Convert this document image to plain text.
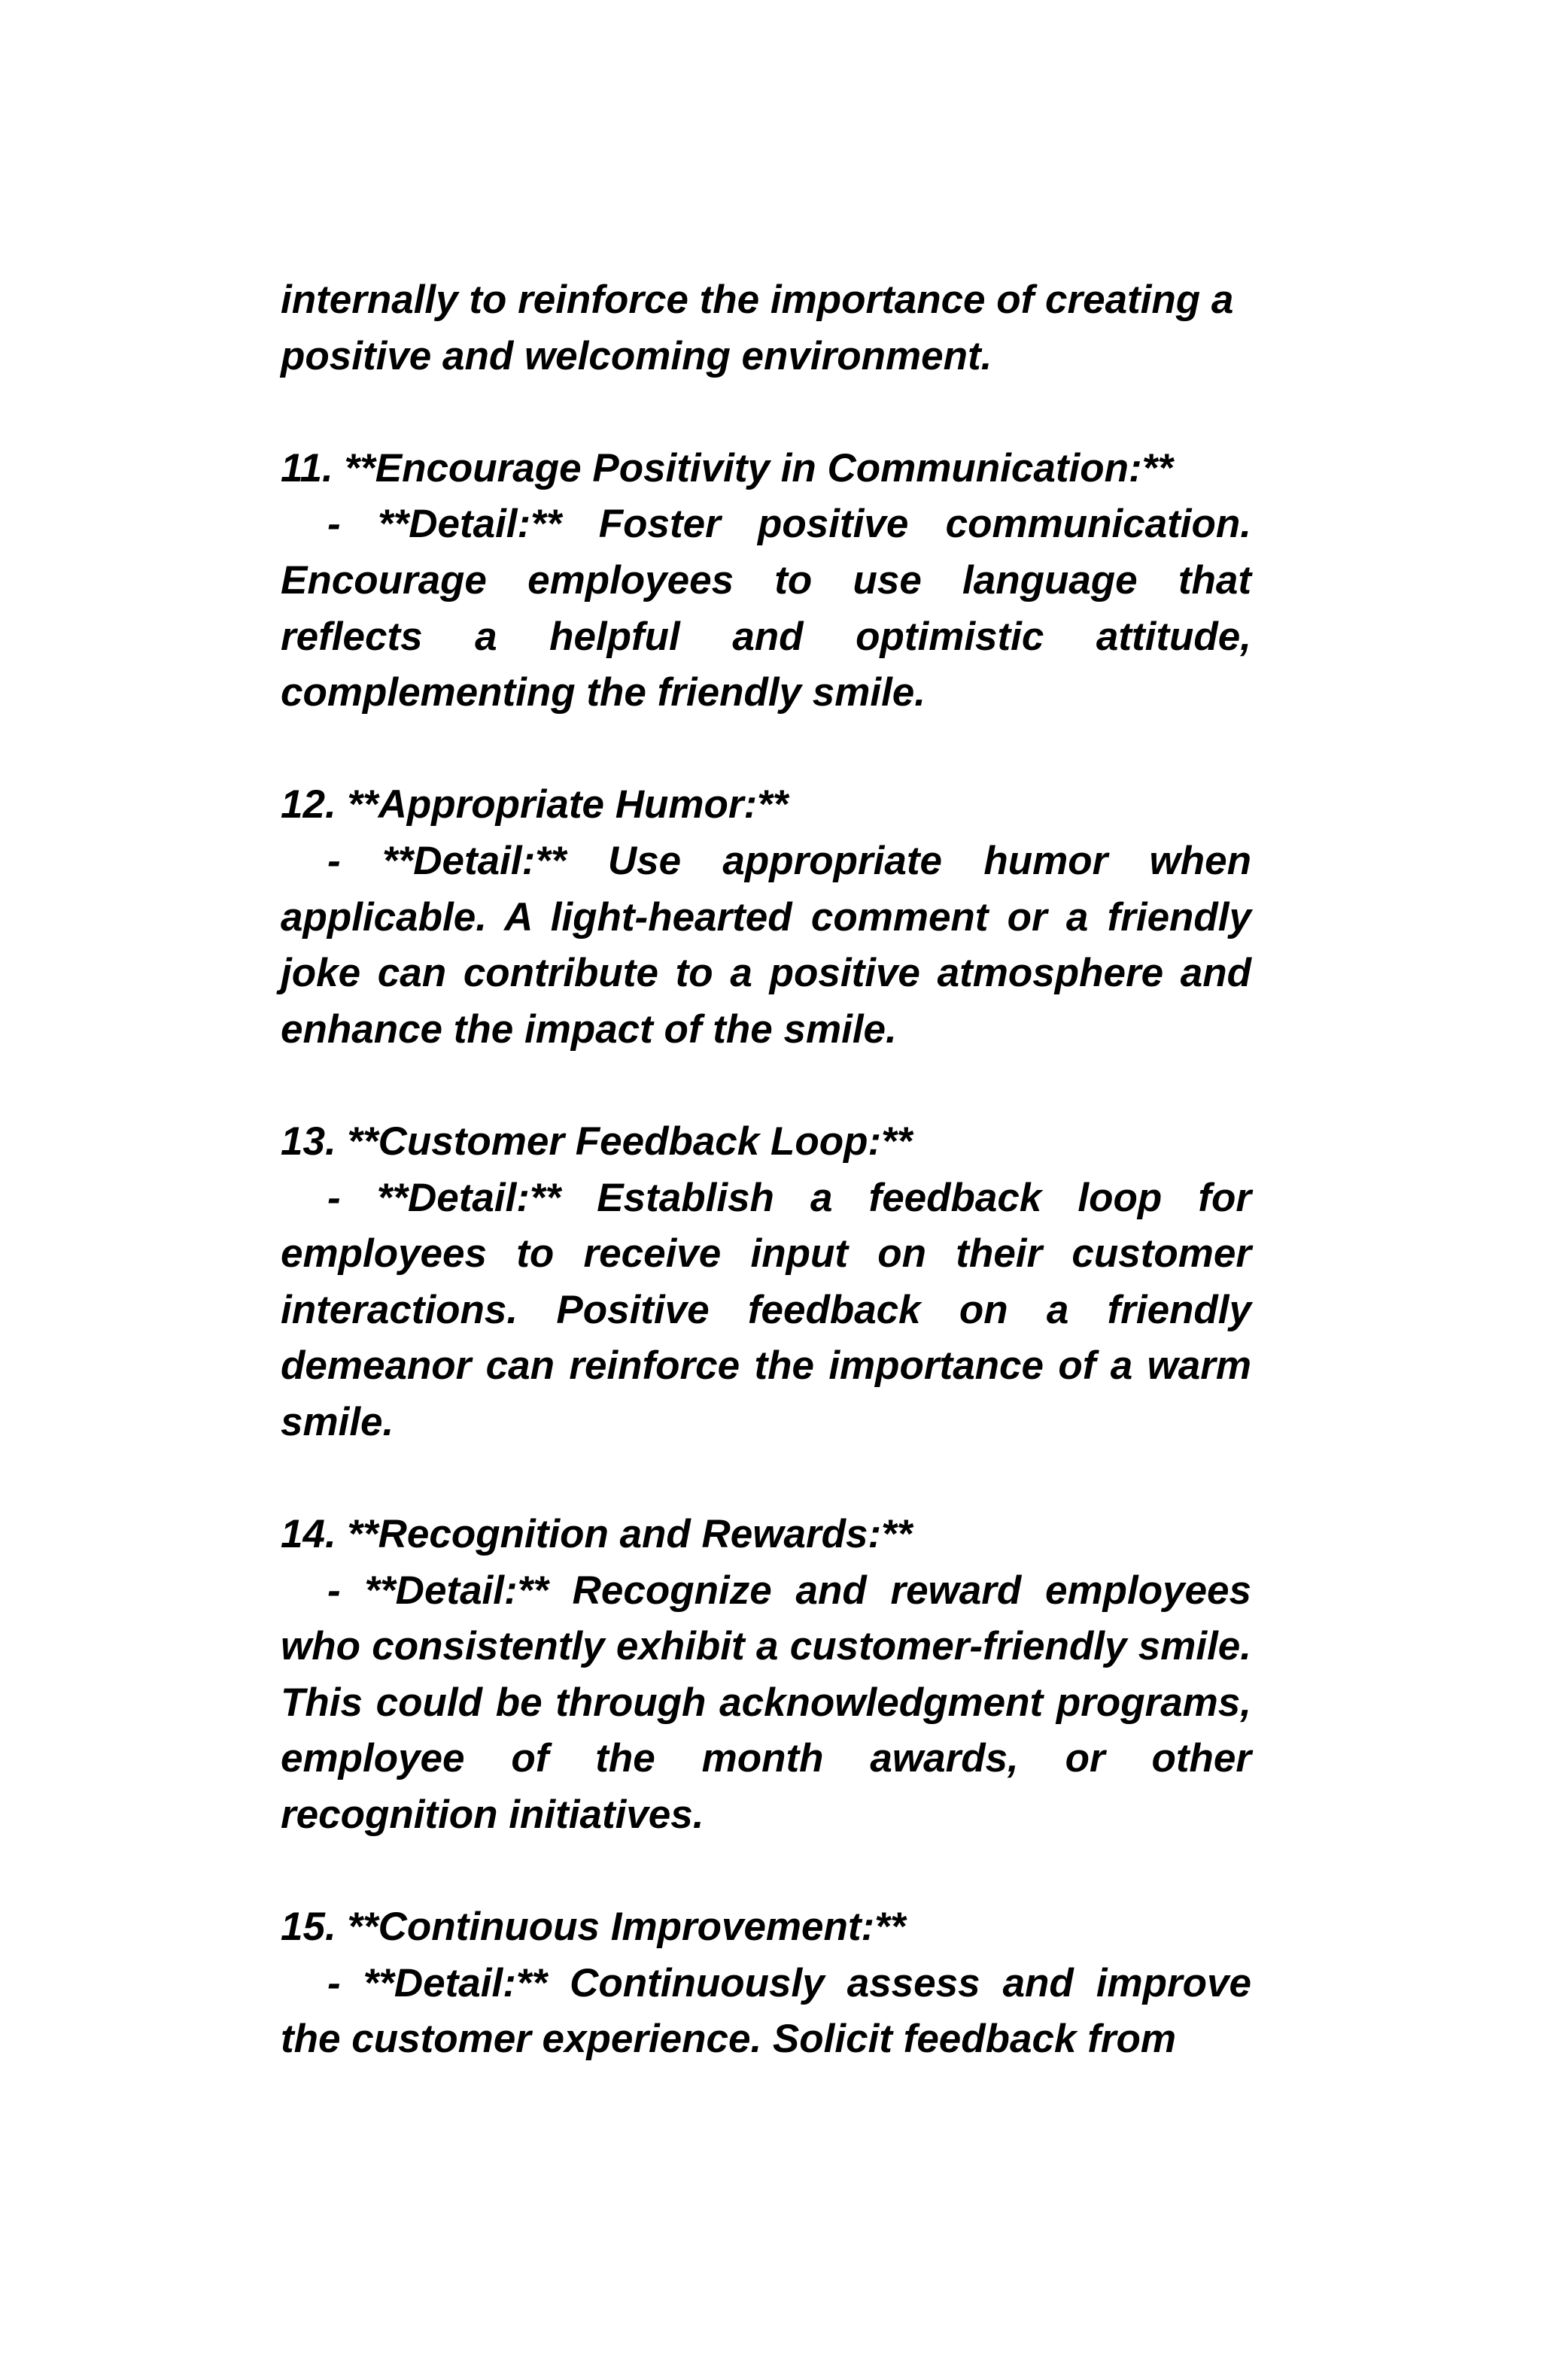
internally to reinforce the importance of creating a positive and welcoming environment.

11. **Encourage Positivity in Communication:**

- **Detail:** Foster positive communication. Encourage employees to use language that reflects a helpful and optimistic attitude, complementing the friendly smile.

12. **Appropriate Humor:**

- **Detail:** Use appropriate humor when applicable. A light-hearted comment or a friendly joke can contribute to a positive atmosphere and enhance the impact of the smile.

13. **Customer Feedback Loop:**

- **Detail:** Establish a feedback loop for employees to receive input on their customer interactions. Positive feedback on a friendly demeanor can reinforce the importance of a warm smile.

14. **Recognition and Rewards:**

- **Detail:** Recognize and reward employees who consistently exhibit a customer-friendly smile. This could be through acknowledgment programs, employee of the month awards, or other recognition initiatives.

15. **Continuous Improvement:**

- **Detail:** Continuously assess and improve the customer experience. Solicit feedback from
